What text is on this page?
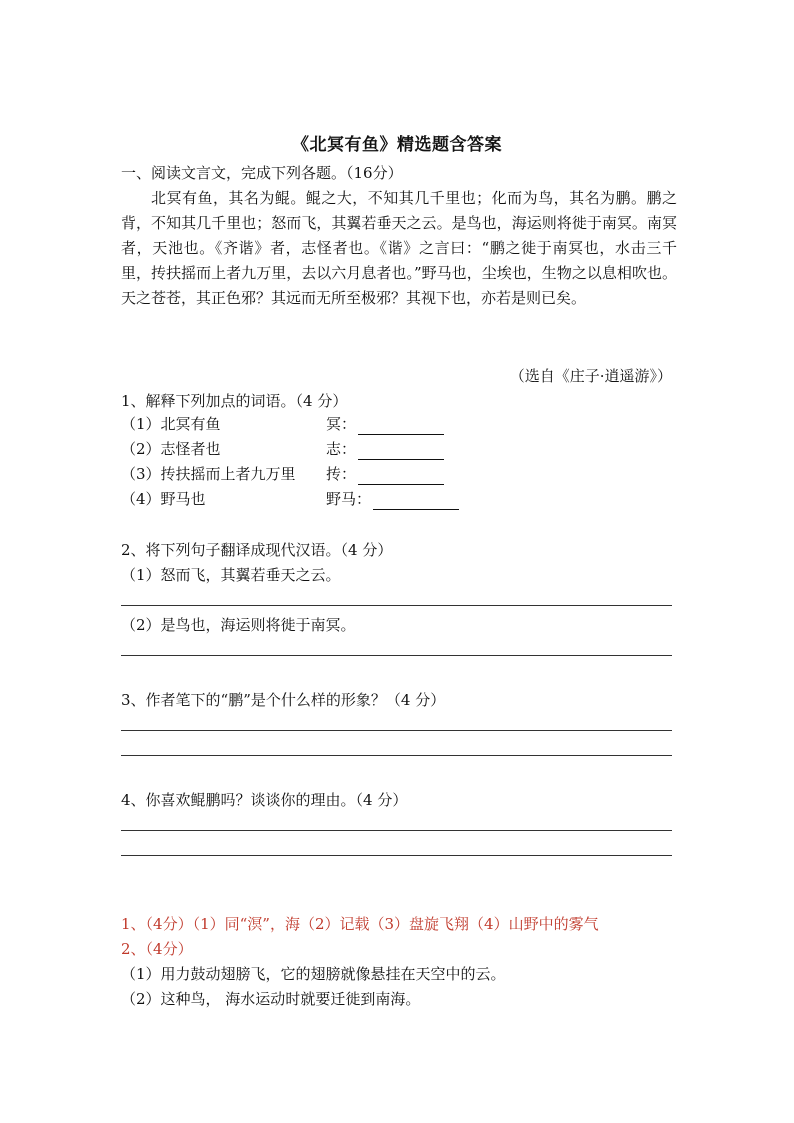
《北冥有鱼》精选题含答案
一、阅读文言文，完成下列各题。（16分）
北冥有鱼，其名为鲲。鲲之大，不知其几千里也；化而为鸟，其名为鹏。鹏之背，不知其几千里也；怒而飞，其翼若垂天之云。是鸟也，海运则将徙于南冥。南冥者，天池也。《齐谐》者，志怪者也。《谐》之言曰：“鹏之徙于南冥也，水击三千里，抟扶摇而上者九万里，去以六月息者也。”野马也，尘埃也，生物之以息相吹也。天之苍苍，其正色邪？其远而无所至极邪？其视下也，亦若是则已矣。
（选自《庄子·逍遥游》）
1、解释下列加点的词语。（4 分）
（1）北冥有鱼	冥：
（2）志怪者也	志：
（3）抟扶摇而上者九万里 抟：
（4）野马也	野马：
2、将下列句子翻译成现代汉语。（4 分）
（1）怒而飞，其翼若垂天之云。
（2）是鸟也，海运则将徙于南冥。
3、作者笔下的“鹏”是个什么样的形象？（4 分）
4、你喜欢鲲鹏吗？谈谈你的理由。（4 分）
1、（4分）（1）同“溟”，海（2）记载（3）盘旋飞翔（4）山野中的雾气
2、（4分）
（1）用力鼓动翅膀飞，它的翅膀就像悬挂在天空中的云。
（2）这种鸟， 海水运动时就要迁徙到南海。
